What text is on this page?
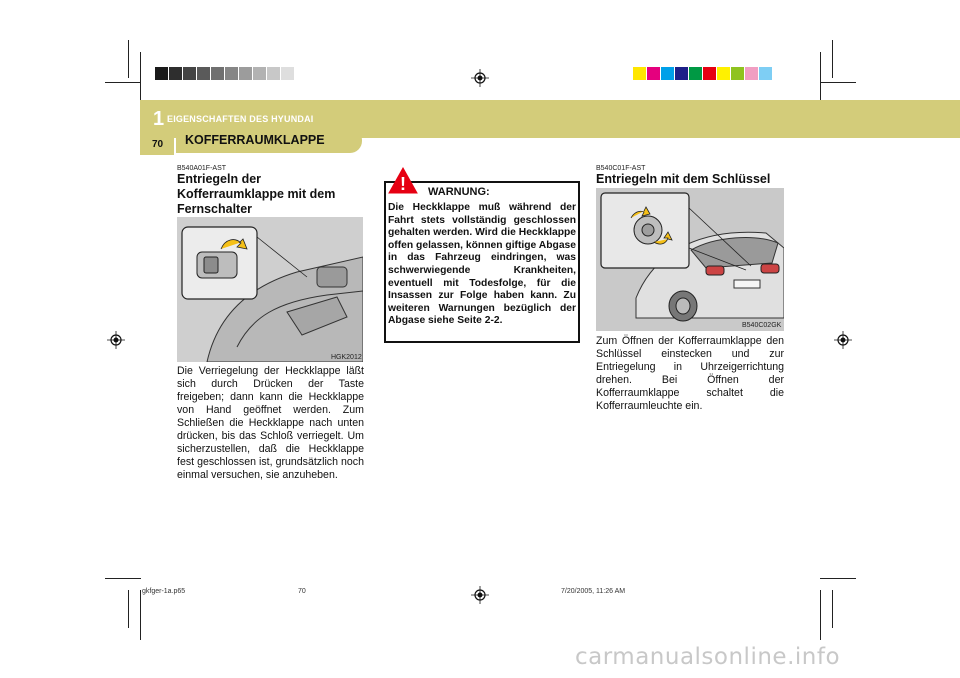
1 EIGENSCHAFTEN DES HYUNDAI
70 KOFFERRAUMKLAPPE
B540A01F-AST
Entriegeln der Kofferraumklappe mit dem Fernschalter
HGK2012
Die Verriegelung der Heckklappe läßt sich durch Drücken der Taste freigeben; dann kann die Heckklappe von Hand geöffnet werden. Zum Schließen die Heckklappe nach unten drücken, bis das Schloß verriegelt. Um sicherzustellen, daß die Heckklappe fest geschlossen ist, grundsätzlich noch einmal versuchen, sie anzuheben.
! WARNUNG:
Die Heckklappe muß während der Fahrt stets vollständig geschlossen gehalten werden. Wird die Heckklappe offen gelassen, können giftige Abgase in das Fahrzeug eindringen, was schwerwiegende Krankheiten, eventuell mit Todesfolge, für die Insassen zur Folge haben kann. Zu weiteren Warnungen bezüglich der Abgase siehe Seite 2-2.
B540C01F-AST
Entriegeln mit dem Schlüssel
B540C02GK
Zum Öffnen der Kofferraumklappe den Schlüssel einstecken und zur Entriegelung in Uhrzeigerrichtung drehen. Bei Öffnen der Kofferraumklappe schaltet die Kofferraumleuchte ein.
gkfger-1a.p65	70	7/20/2005, 11:26 AM
carmanualsonline.info
